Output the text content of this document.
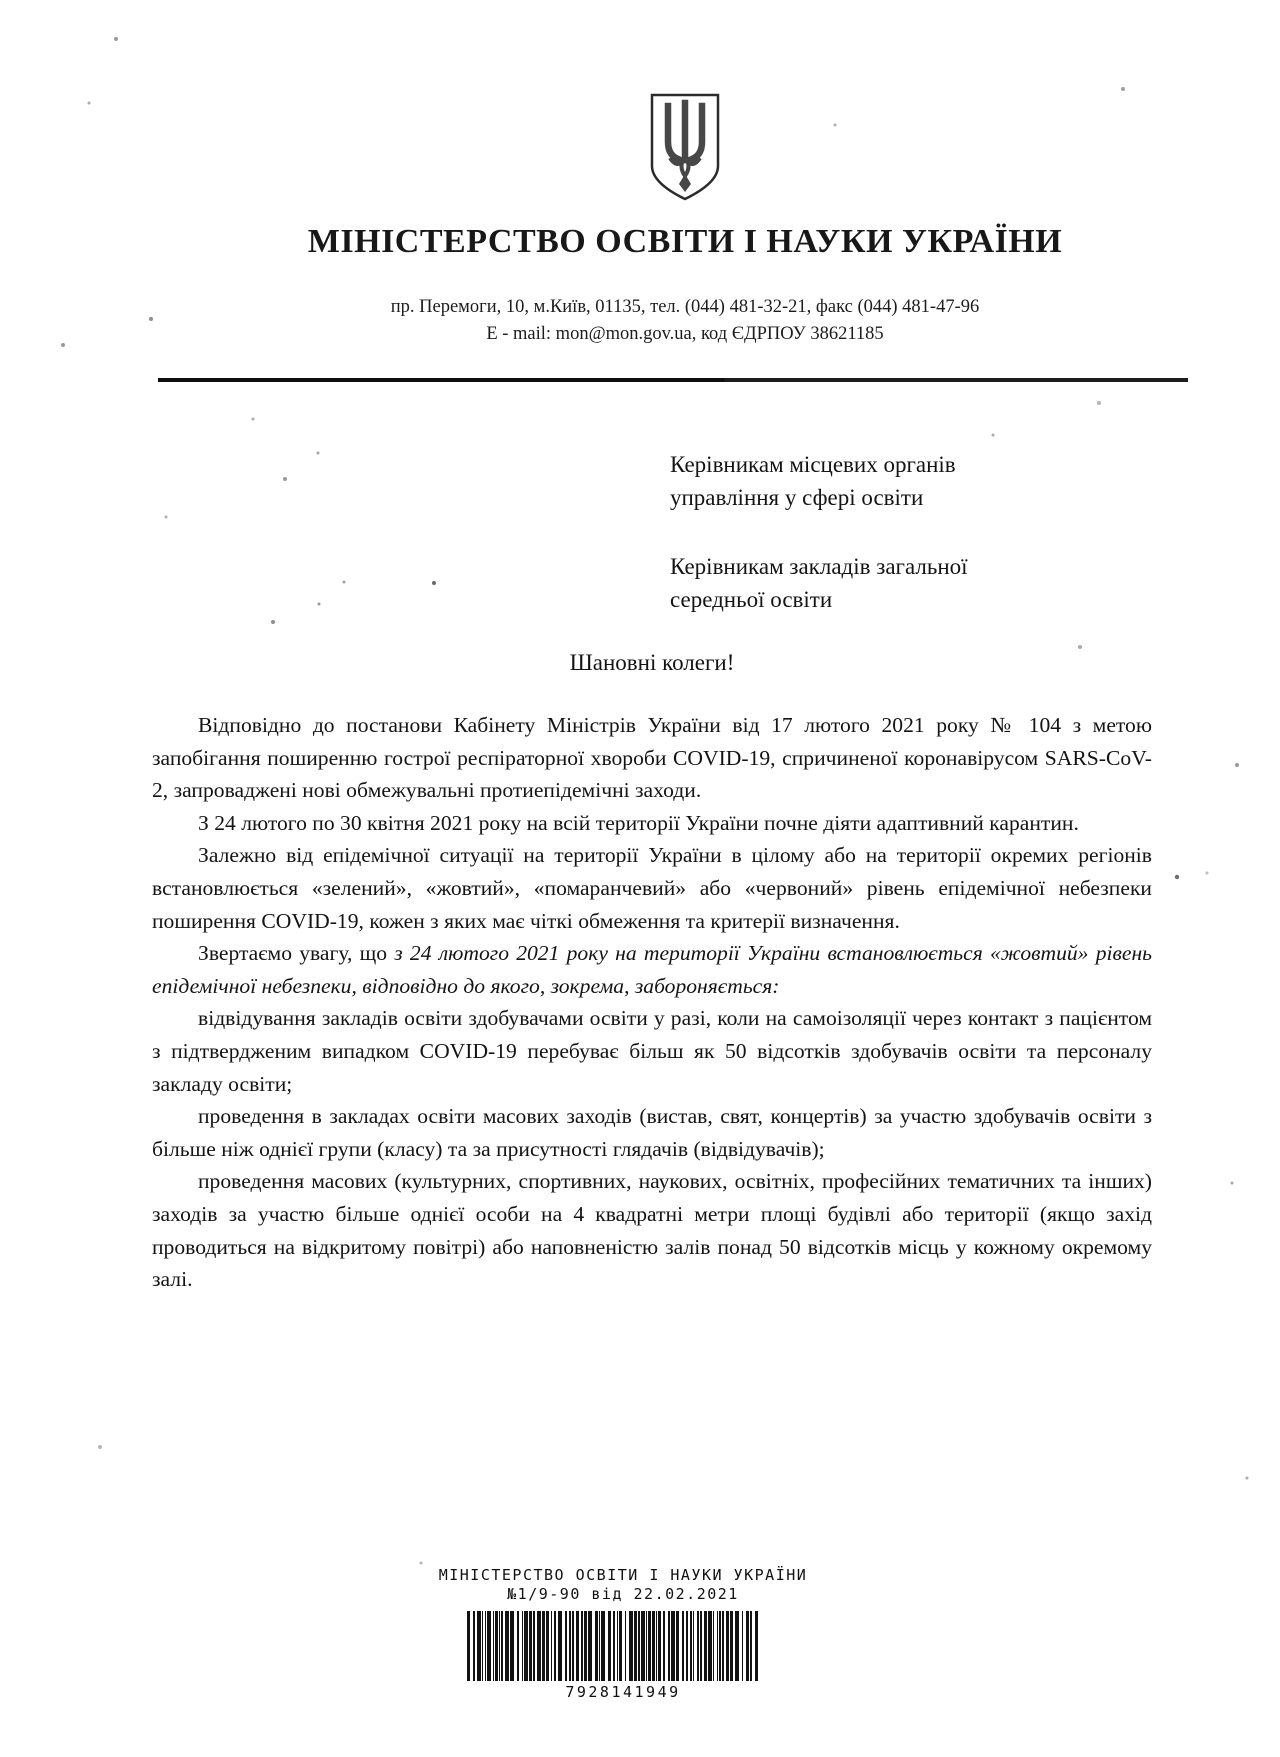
МІНІСТЕРСТВО ОСВІТИ І НАУКИ УКРАЇНИ
пр. Перемоги, 10, м.Київ, 01135, тел. (044) 481-32-21, факс (044) 481-47-96
E - mail: mon@mon.gov.ua, код ЄДРПОУ 38621185
Керівникам місцевих органів
управління у сфері освіти
Керівникам закладів загальної
середньої освіти
Шановні колеги!

Відповідно до постанови Кабінету Міністрів України від 17 лютого 2021 року № 104 з метою запобігання поширенню гострої респіраторної хвороби COVID-19, спричиненої коронавірусом SARS-CoV-2, запроваджені нові обмежувальні протиепідемічні заходи.

З 24 лютого по 30 квітня 2021 року на всій території України почне діяти адаптивний карантин.

Залежно від епідемічної ситуації на території України в цілому або на території окремих регіонів встановлюється «зелений», «жовтий», «помаранчевий» або «червоний» рівень епідемічної небезпеки поширення COVID-19, кожен з яких має чіткі обмеження та критерії визначення.

Звертаємо увагу, що з 24 лютого 2021 року на території України встановлюється «жовтий» рівень епідемічної небезпеки, відповідно до якого, зокрема, забороняється:

відвідування закладів освіти здобувачами освіти у разі, коли на самоізоляції через контакт з пацієнтом з підтвердженим випадком COVID-19 перебуває більш як 50 відсотків здобувачів освіти та персоналу закладу освіти;

проведення в закладах освіти масових заходів (вистав, свят, концертів) за участю здобувачів освіти з більше ніж однієї групи (класу) та за присутності глядачів (відвідувачів);

проведення масових (культурних, спортивних, наукових, освітніх, професійних тематичних та інших) заходів за участю більше однієї особи на 4 квадратні метри площі будівлі або території (якщо захід проводиться на відкритому повітрі) або наповненістю залів понад 50 відсотків місць у кожному окремому залі.

МІНІСТЕРСТВО ОСВІТИ І НАУКИ УКРАЇНИ
№1/9-90 від 22.02.2021
7928141949
